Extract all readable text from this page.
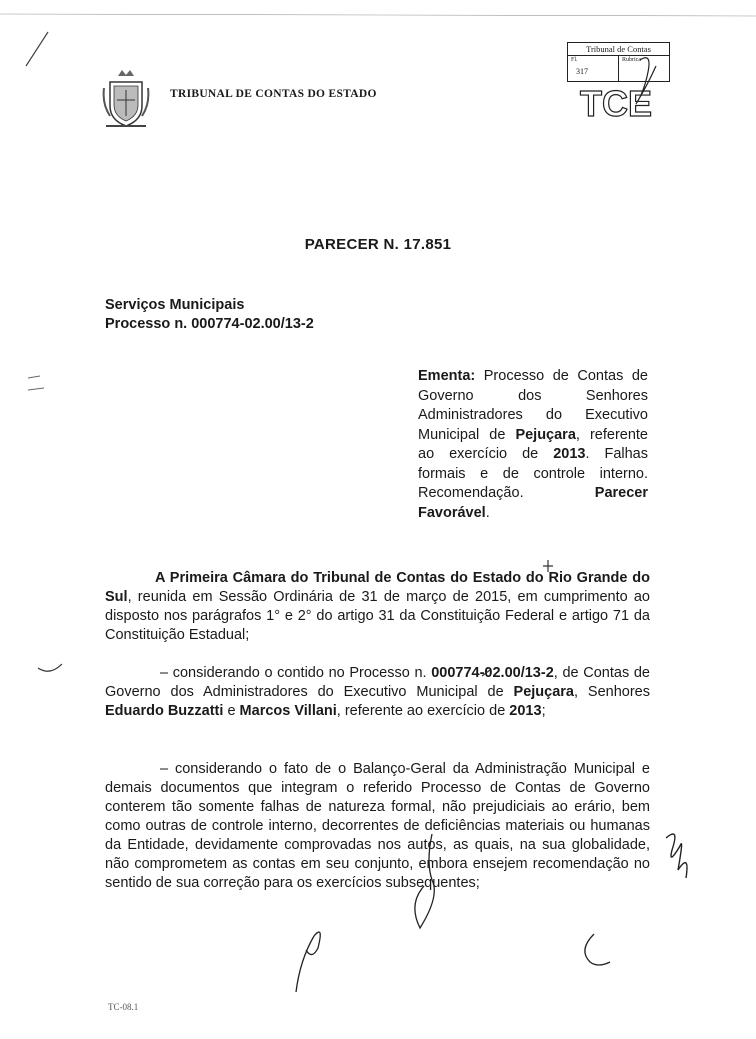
TRIBUNAL DE CONTAS DO ESTADO
Tribunal de Contas
Fl.
317
Rubrica
TCE
PARECER N. 17.851
Serviços Municipais
Processo n. 000774-02.00/13-2
Ementa: Processo de Contas de Governo dos Senhores Administradores do Executivo Municipal de Pejuçara, referente ao exercício de 2013. Falhas formais e de controle interno. Recomendação. Parecer Favorável.
A Primeira Câmara do Tribunal de Contas do Estado do Rio Grande do Sul, reunida em Sessão Ordinária de 31 de março de 2015, em cumprimento ao disposto nos parágrafos 1° e 2° do artigo 31 da Constituição Federal e artigo 71 da Constituição Estadual;
– considerando o contido no Processo n. 000774-02.00/13-2, de Contas de Governo dos Administradores do Executivo Municipal de Pejuçara, Senhores Eduardo Buzzatti e Marcos Villani, referente ao exercício de 2013;
– considerando o fato de o Balanço-Geral da Administração Municipal e demais documentos que integram o referido Processo de Contas de Governo conterem tão somente falhas de natureza formal, não prejudiciais ao erário, bem como outras de controle interno, decorrentes de deficiências materiais ou humanas da Entidade, devidamente comprovadas nos autos, as quais, na sua globalidade, não comprometem as contas em seu conjunto, embora ensejem recomendação no sentido de sua correção para os exercícios subsequentes;
TC-08.1
